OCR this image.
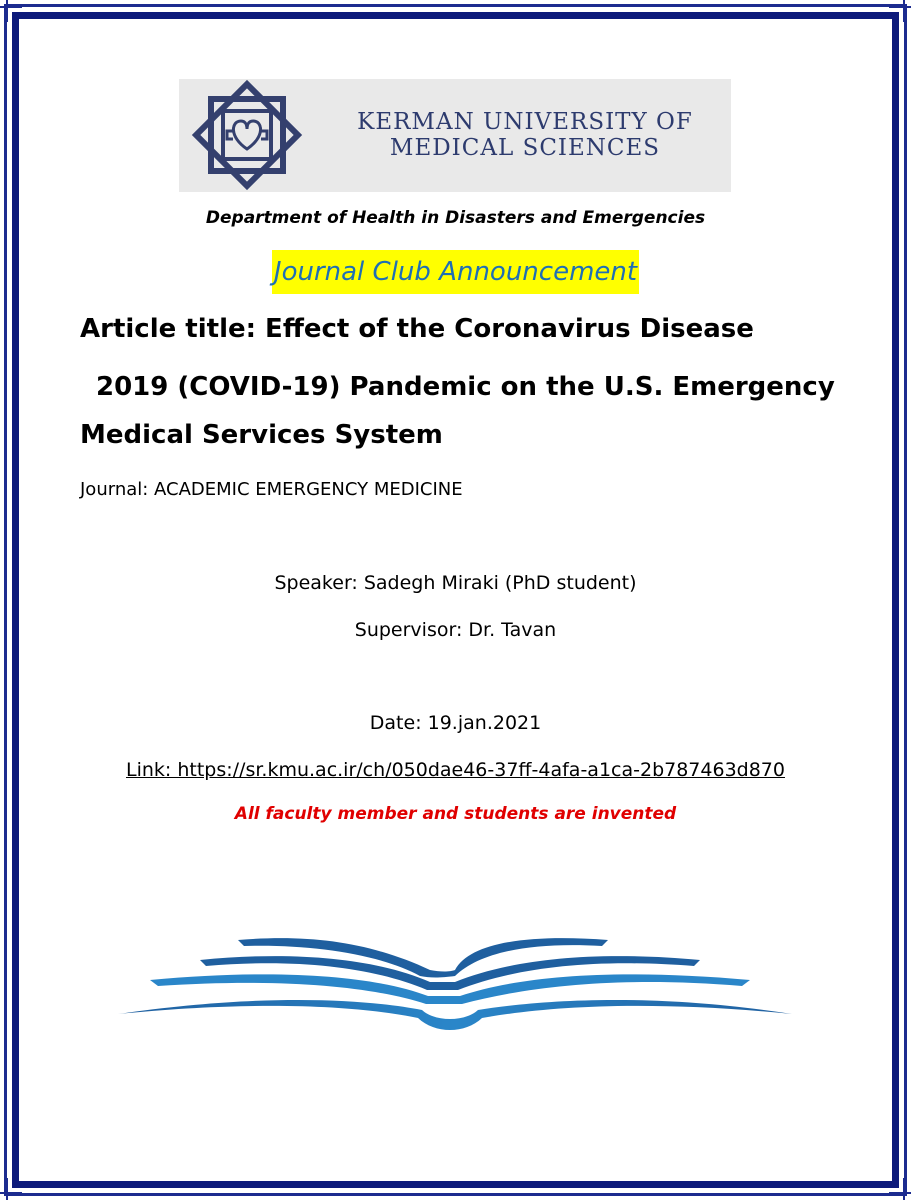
KERMAN UNIVERSITY OF
MEDICAL SCIENCES
Department of Health in Disasters and Emergencies
Journal Club Announcement
Article title: Effect of the Coronavirus Disease
2019 (COVID-19) Pandemic on the U.S. Emergency
Medical Services System
Journal: ACADEMIC EMERGENCY MEDICINE
Speaker: Sadegh Miraki (PhD student)
Supervisor: Dr. Tavan
Date: 19.jan.2021
Link: https://sr.kmu.ac.ir/ch/050dae46-37ff-4afa-a1ca-2b787463d870
All faculty member and students are invented
